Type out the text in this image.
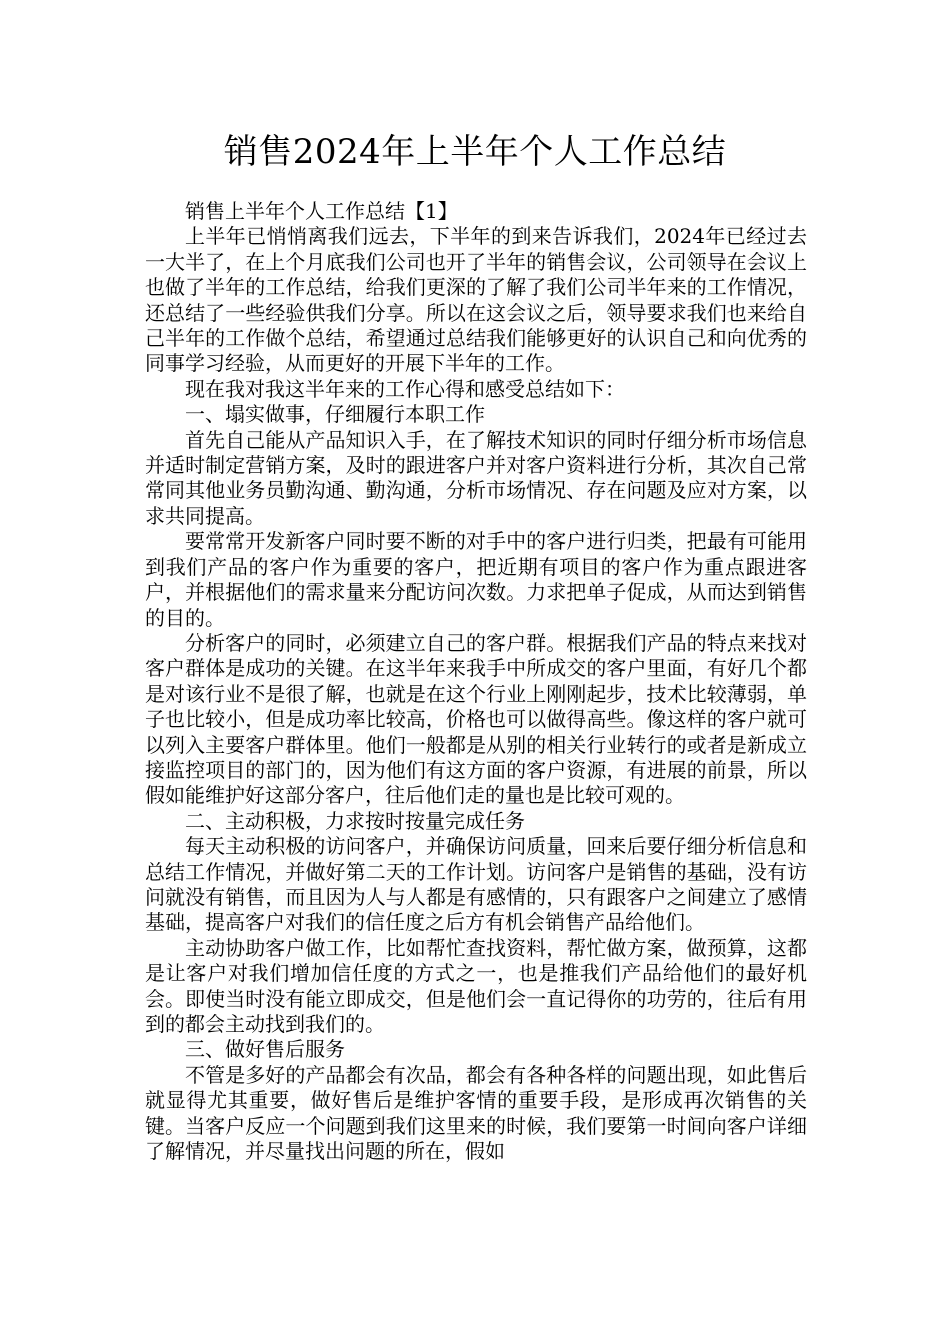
销售2024年上半年个人工作总结

销售上半年个人工作总结【1】

上半年已悄悄离我们远去，下半年的到来告诉我们，2024年已经过去一大半了，在上个月底我们公司也开了半年的销售会议，公司领导在会议上也做了半年的工作总结，给我们更深的了解了我们公司半年来的工作情况，还总结了一些经验供我们分享。所以在这会议之后，领导要求我们也来给自己半年的工作做个总结，希望通过总结我们能够更好的认识自己和向优秀的同事学习经验，从而更好的开展下半年的工作。

现在我对我这半年来的工作心得和感受总结如下：

一、塌实做事，仔细履行本职工作

首先自己能从产品知识入手，在了解技术知识的同时仔细分析市场信息并适时制定营销方案，及时的跟进客户并对客户资料进行分析，其次自己常常同其他业务员勤沟通、勤沟通，分析市场情况、存在问题及应对方案，以求共同提高。

要常常开发新客户同时要不断的对手中的客户进行归类，把最有可能用到我们产品的客户作为重要的客户，把近期有项目的客户作为重点跟进客户，并根据他们的需求量来分配访问次数。力求把单子促成，从而达到销售的目的。

分析客户的同时，必须建立自己的客户群。根据我们产品的特点来找对客户群体是成功的关键。在这半年来我手中所成交的客户里面，有好几个都是对该行业不是很了解，也就是在这个行业上刚刚起步，技术比较薄弱，单子也比较小，但是成功率比较高，价格也可以做得高些。像这样的客户就可以列入主要客户群体里。他们一般都是从别的相关行业转行的或者是新成立接监控项目的部门的，因为他们有这方面的客户资源，有进展的前景，所以假如能维护好这部分客户，往后他们走的量也是比较可观的。

二、主动积极，力求按时按量完成任务

每天主动积极的访问客户，并确保访问质量，回来后要仔细分析信息和总结工作情况，并做好第二天的工作计划。访问客户是销售的基础，没有访问就没有销售，而且因为人与人都是有感情的，只有跟客户之间建立了感情基础，提高客户对我们的信任度之后方有机会销售产品给他们。

主动协助客户做工作，比如帮忙查找资料，帮忙做方案，做预算，这都是让客户对我们增加信任度的方式之一，也是推我们产品给他们的最好机会。即使当时没有能立即成交，但是他们会一直记得你的功劳的，往后有用到的都会主动找到我们的。

三、做好售后服务

不管是多好的产品都会有次品，都会有各种各样的问题出现，如此售后就显得尤其重要，做好售后是维护客情的重要手段，是形成再次销售的关键。当客户反应一个问题到我们这里来的时候，我们要第一时间向客户详细了解情况，并尽量找出问题的所在，假如
